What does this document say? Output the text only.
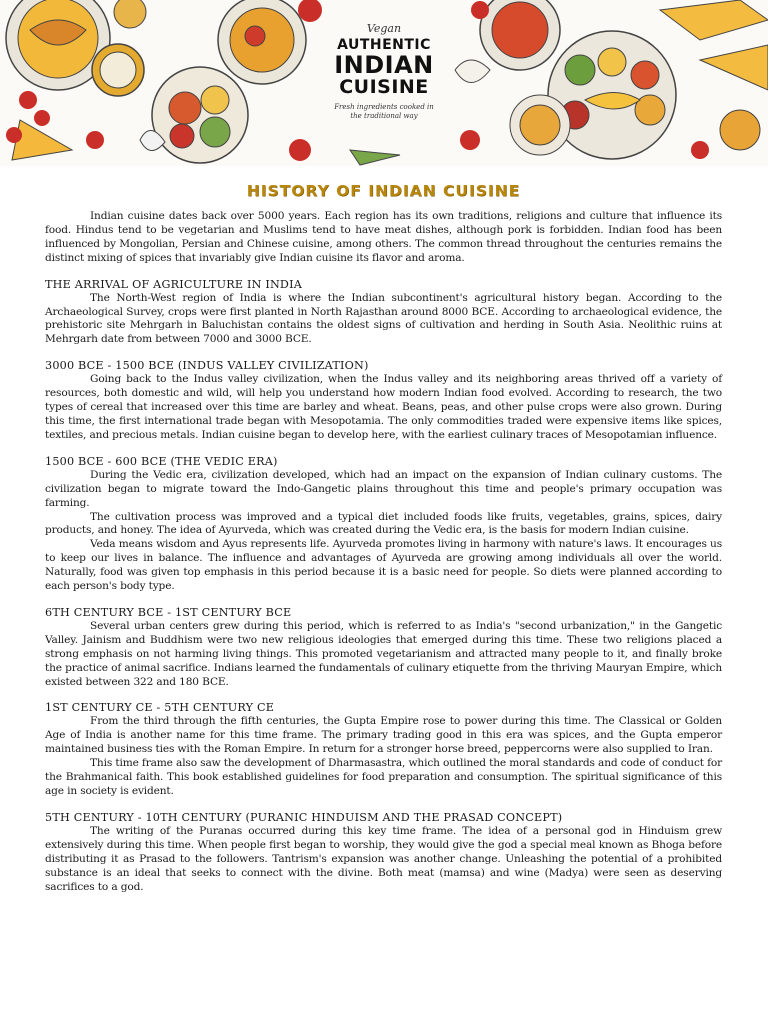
Vegan
AUTHENTIC
INDIAN
CUISINE
Fresh ingredients cooked in the traditional way
HISTORY OF INDIAN CUISINE

Indian cuisine dates back over 5000 years. Each region has its own traditions, religions and culture that influence its food. Hindus tend to be vegetarian and Muslims tend to have meat dishes, although pork is forbidden. Indian food has been influenced by Mongolian, Persian and Chinese cuisine, among others. The common thread throughout the centuries remains the distinct mixing of spices that invariably give Indian cuisine its flavor and aroma.

THE ARRIVAL OF AGRICULTURE IN INDIA

The North-West region of India is where the Indian subcontinent's agricultural history began. According to the Archaeological Survey, crops were first planted in North Rajasthan around 8000 BCE. According to archaeological evidence, the prehistoric site Mehrgarh in Baluchistan contains the oldest signs of cultivation and herding in South Asia. Neolithic ruins at Mehrgarh date from between 7000 and 3000 BCE.

3000 BCE - 1500 BCE (INDUS VALLEY CIVILIZATION)

Going back to the Indus valley civilization, when the Indus valley and its neighboring areas thrived off a variety of resources, both domestic and wild, will help you understand how modern Indian food evolved. According to research, the two types of cereal that increased over this time are barley and wheat. Beans, peas, and other pulse crops were also grown. During this time, the first international trade began with Mesopotamia. The only commodities traded were expensive items like spices, textiles, and precious metals. Indian cuisine began to develop here, with the earliest culinary traces of Mesopotamian influence.

1500 BCE - 600 BCE (THE VEDIC ERA)

During the Vedic era, civilization developed, which had an impact on the expansion of Indian culinary customs. The civilization began to migrate toward the Indo-Gangetic plains throughout this time and people's primary occupation was farming.

The cultivation process was improved and a typical diet included foods like fruits, vegetables, grains, spices, dairy products, and honey. The idea of Ayurveda, which was created during the Vedic era, is the basis for modern Indian cuisine.

Veda means wisdom and Ayus represents life. Ayurveda promotes living in harmony with nature's laws. It encourages us to keep our lives in balance. The influence and advantages of Ayurveda are growing among individuals all over the world. Naturally, food was given top emphasis in this period because it is a basic need for people. So diets were planned according to each person's body type.

6TH CENTURY BCE - 1ST CENTURY BCE

Several urban centers grew during this period, which is referred to as India's "second urbanization," in the Gangetic Valley. Jainism and Buddhism were two new religious ideologies that emerged during this time. These two religions placed a strong emphasis on not harming living things. This promoted vegetarianism and attracted many people to it, and finally broke the practice of animal sacrifice. Indians learned the fundamentals of culinary etiquette from the thriving Mauryan Empire, which existed between 322 and 180 BCE.

1ST CENTURY CE - 5TH CENTURY CE

From the third through the fifth centuries, the Gupta Empire rose to power during this time. The Classical or Golden Age of India is another name for this time frame. The primary trading good in this era was spices, and the Gupta emperor maintained business ties with the Roman Empire. In return for a stronger horse breed, peppercorns were also supplied to Iran.

This time frame also saw the development of Dharmasastra, which outlined the moral standards and code of conduct for the Brahmanical faith. This book established guidelines for food preparation and consumption. The spiritual significance of this age in society is evident.

5TH CENTURY - 10TH CENTURY (PURANIC HINDUISM AND THE PRASAD CONCEPT)

The writing of the Puranas occurred during this key time frame. The idea of a personal god in Hinduism grew extensively during this time. When people first began to worship, they would give the god a special meal known as Bhoga before distributing it as Prasad to the followers. Tantrism's expansion was another change. Unleashing the potential of a prohibited substance is an ideal that seeks to connect with the divine. Both meat (mamsa) and wine (Madya) were seen as deserving sacrifices to a god.
